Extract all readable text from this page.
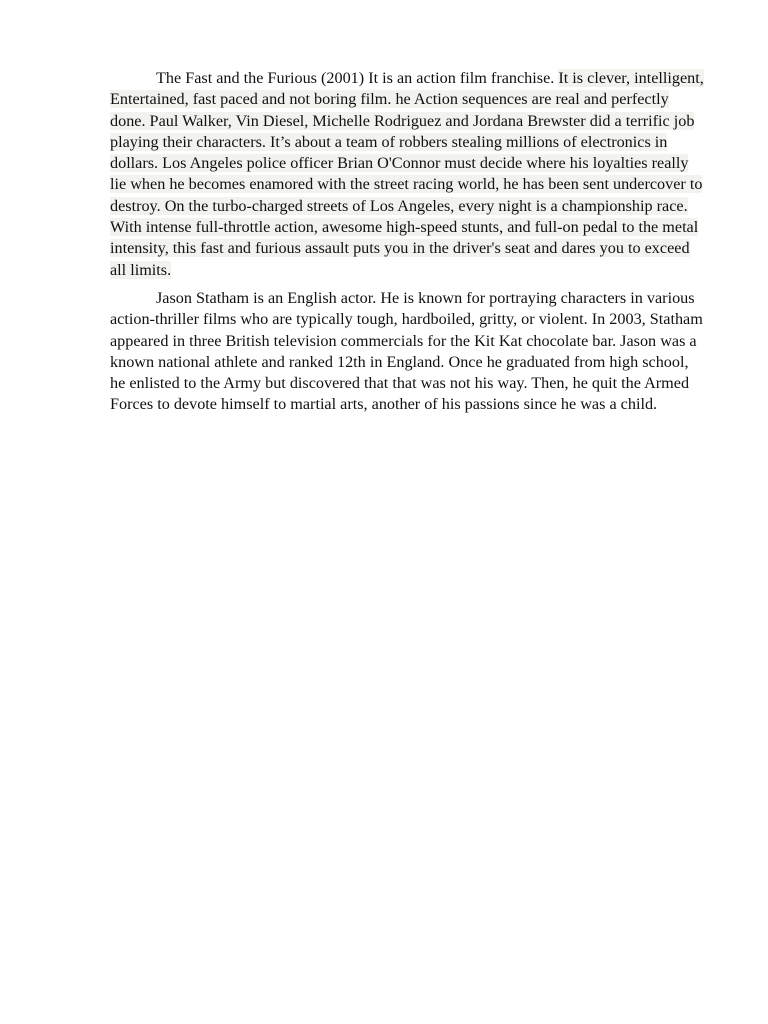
The Fast and the Furious (2001) It is an action film franchise. It is clever, intelligent, Entertained, fast paced and not boring film. he Action sequences are real and perfectly done. Paul Walker, Vin Diesel, Michelle Rodriguez and Jordana Brewster did a terrific job playing their characters. It’s about a team of robbers stealing millions of electronics in dollars. Los Angeles police officer Brian O'Connor must decide where his loyalties really lie when he becomes enamored with the street racing world, he has been sent undercover to destroy. On the turbo-charged streets of Los Angeles, every night is a championship race. With intense full-throttle action, awesome high-speed stunts, and full-on pedal to the metal intensity, this fast and furious assault puts you in the driver's seat and dares you to exceed all limits.

Jason Statham is an English actor. He is known for portraying characters in various action-thriller films who are typically tough, hardboiled, gritty, or violent. In 2003, Statham appeared in three British television commercials for the Kit Kat chocolate bar. Jason was a known national athlete and ranked 12th in England. Once he graduated from high school, he enlisted to the Army but discovered that that was not his way. Then, he quit the Armed Forces to devote himself to martial arts, another of his passions since he was a child.
